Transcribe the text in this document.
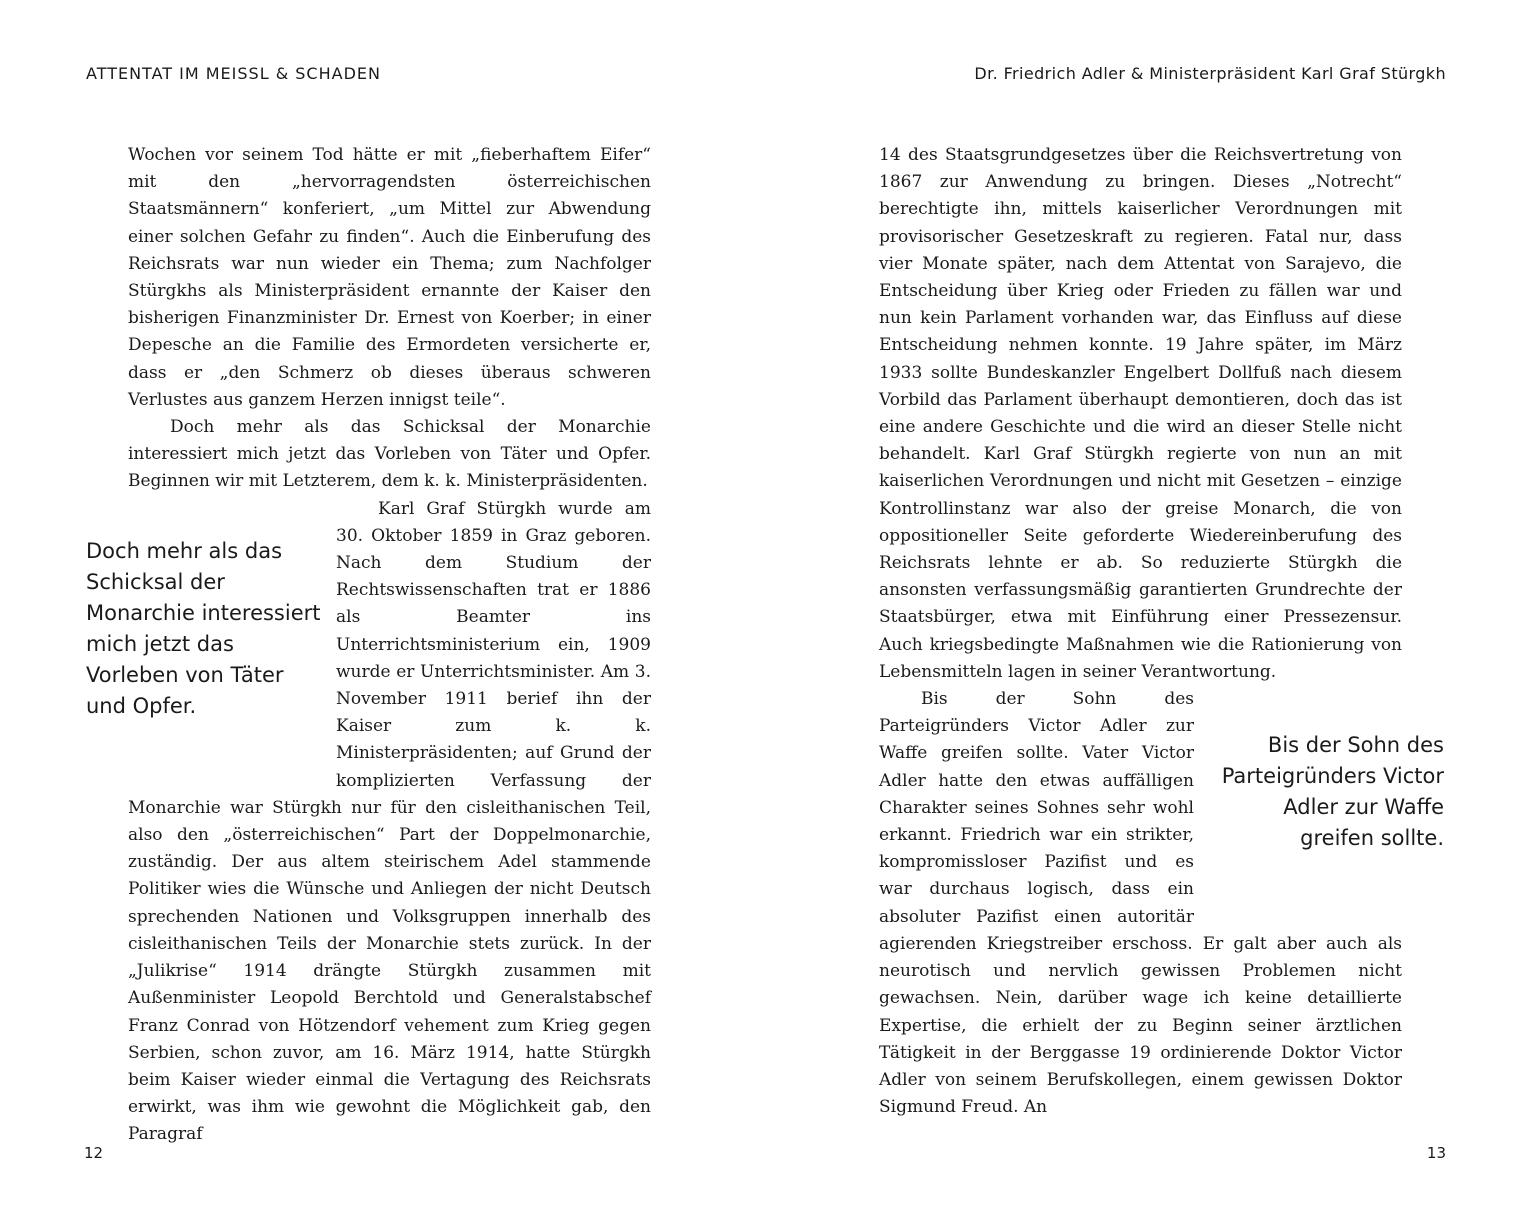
ATTENTAT IM MEISSL & SCHADEN

Wochen vor seinem Tod hätte er mit „fieberhaftem Eifer“ mit den „hervorragendsten österreichischen Staatsmännern“ konferiert, „um Mittel zur Abwendung einer solchen Gefahr zu finden“. Auch die Einberufung des Reichsrats war nun wieder ein Thema; zum Nachfolger Stürgkhs als Ministerpräsident ernannte der Kaiser den bisherigen Finanzminister Dr. Ernest von Koerber; in einer Depesche an die Familie des Ermordeten versicherte er, dass er „den Schmerz ob dieses überaus schweren Verlustes aus ganzem Herzen innigst teile“.

Doch mehr als das Schicksal der Monarchie interessiert mich jetzt das Vorleben von Täter und Opfer. Beginnen wir mit Letzterem, dem k. k. Ministerpräsidenten.

Doch mehr als das Schicksal der Monarchie interessiert mich jetzt das Vorleben von Täter und Opfer.

Karl Graf Stürgkh wurde am 30. Oktober 1859 in Graz geboren. Nach dem Studium der Rechtswissenschaften trat er 1886 als Beamter ins Unterrichtsministerium ein, 1909 wurde er Unterrichtsminister. Am 3. November 1911 berief ihn der Kaiser zum k. k. Ministerpräsidenten; auf Grund der komplizierten Verfassung der Monarchie war Stürgkh nur für den cisleithanischen Teil, also den „österreichischen“ Part der Doppelmonarchie, zuständig. Der aus altem steirischem Adel stammende Politiker wies die Wünsche und Anliegen der nicht Deutsch sprechenden Nationen und Volksgruppen innerhalb des cisleithanischen Teils der Monarchie stets zurück. In der „Julikrise“ 1914 drängte Stürgkh zusammen mit Außenminister Leopold Berchtold und Generalstabschef Franz Conrad von Hötzendorf vehement zum Krieg gegen Serbien, schon zuvor, am 16. März 1914, hatte Stürgkh beim Kaiser wieder einmal die Vertagung des Reichsrats erwirkt, was ihm wie gewohnt die Möglichkeit gab, den Paragraf

12
Dr. Friedrich Adler & Ministerpräsident Karl Graf Stürgkh

14 des Staatsgrundgesetzes über die Reichsvertretung von 1867 zur Anwendung zu bringen. Dieses „Notrecht“ berechtigte ihn, mittels kaiserlicher Verordnungen mit provisorischer Gesetzeskraft zu regieren. Fatal nur, dass vier Monate später, nach dem Attentat von Sarajevo, die Entscheidung über Krieg oder Frieden zu fällen war und nun kein Parlament vorhanden war, das Einfluss auf diese Entscheidung nehmen konnte. 19 Jahre später, im März 1933 sollte Bundeskanzler Engelbert Dollfuß nach diesem Vorbild das Parlament überhaupt demontieren, doch das ist eine andere Geschichte und die wird an dieser Stelle nicht behandelt. Karl Graf Stürgkh regierte von nun an mit kaiserlichen Verordnungen und nicht mit Gesetzen – einzige Kontrollinstanz war also der greise Monarch, die von oppositioneller Seite geforderte Wiedereinberufung des Reichsrats lehnte er ab. So reduzierte Stürgkh die ansonsten verfassungsmäßig garantierten Grundrechte der Staatsbürger, etwa mit Einführung einer Pressezensur. Auch kriegsbedingte Maßnahmen wie die Rationierung von Lebensmitteln lagen in seiner Verantwortung.

Bis der Sohn des Parteigründers Victor Adler zur Waffe greifen sollte.

Bis der Sohn des Parteigründers Victor Adler zur Waffe greifen sollte. Vater Victor Adler hatte den etwas auffälligen Charakter seines Sohnes sehr wohl erkannt. Friedrich war ein strikter, kompromissloser Pazifist und es war durchaus logisch, dass ein absoluter Pazifist einen autoritär agierenden Kriegstreiber erschoss. Er galt aber auch als neurotisch und nervlich gewissen Problemen nicht gewachsen. Nein, darüber wage ich keine detaillierte Expertise, die erhielt der zu Beginn seiner ärztlichen Tätigkeit in der Berggasse 19 ordinierende Doktor Victor Adler von seinem Berufskollegen, einem gewissen Doktor Sigmund Freud. An

13
